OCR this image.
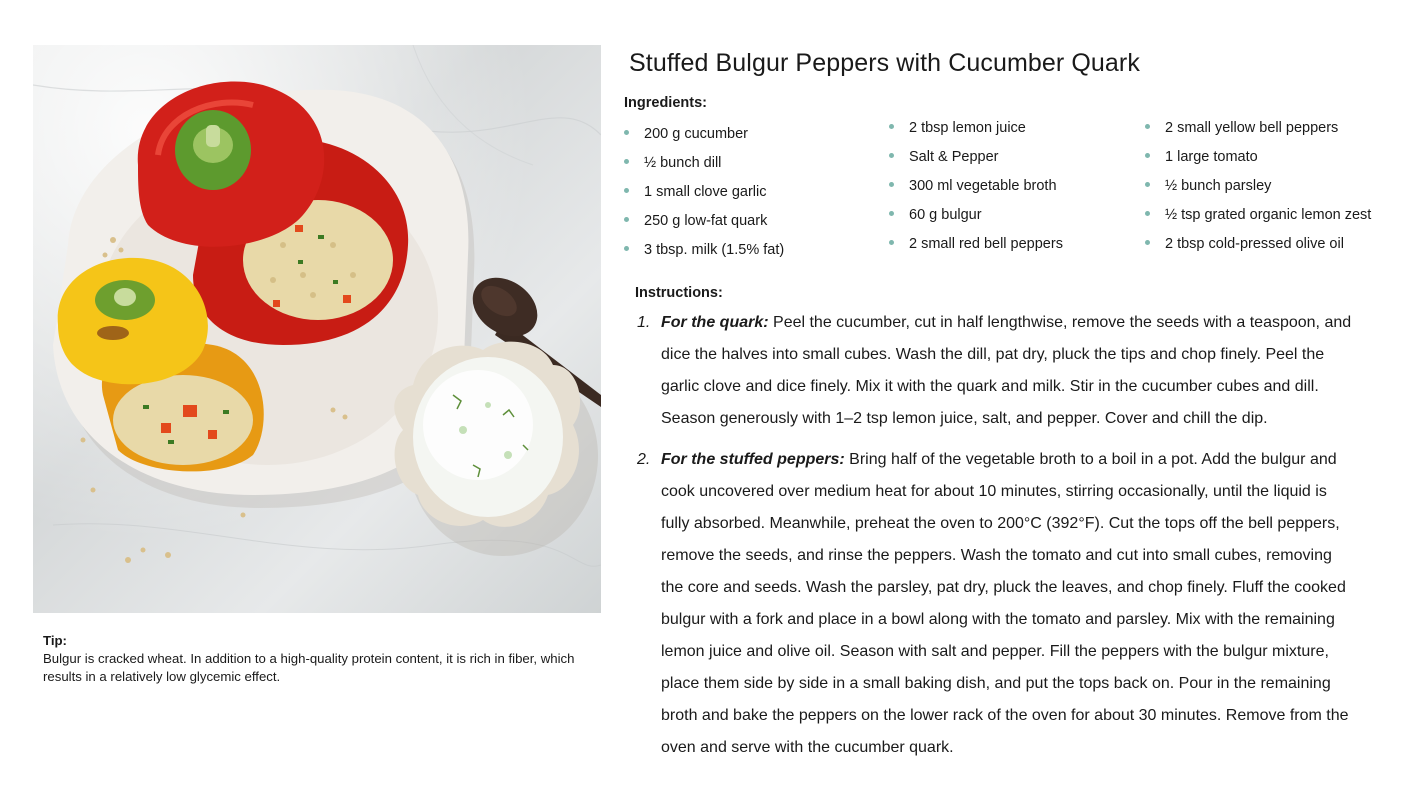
Tip:
Bulgur is cracked wheat. In addition to a high-quality protein content, it is rich in fiber, which results in a relatively low glycemic effect.
Stuffed Bulgur Peppers with Cucumber Quark
Ingredients:
200 g cucumber
½ bunch dill
1 small clove garlic
250 g low-fat quark
3 tbsp. milk (1.5% fat)
2 tbsp lemon juice
Salt & Pepper
300 ml vegetable broth
60 g bulgur
2 small red bell peppers
2 small yellow bell peppers
1 large tomato
½ bunch parsley
½ tsp grated organic lemon zest
2 tbsp cold-pressed olive oil
Instructions:
1. For the quark: Peel the cucumber, cut in half lengthwise, remove the seeds with a teaspoon, and dice the halves into small cubes. Wash the dill, pat dry, pluck the tips and chop finely. Peel the garlic clove and dice finely. Mix it with the quark and milk. Stir in the cucumber cubes and dill. Season generously with 1–2 tsp lemon juice, salt, and pepper. Cover and chill the dip.
2. For the stuffed peppers: Bring half of the vegetable broth to a boil in a pot. Add the bulgur and cook uncovered over medium heat for about 10 minutes, stirring occasionally, until the liquid is fully absorbed. Meanwhile, preheat the oven to 200°C (392°F). Cut the tops off the bell peppers, remove the seeds, and rinse the peppers. Wash the tomato and cut into small cubes, removing the core and seeds. Wash the parsley, pat dry, pluck the leaves, and chop finely. Fluff the cooked bulgur with a fork and place in a bowl along with the tomato and parsley. Mix with the remaining lemon juice and olive oil. Season with salt and pepper. Fill the peppers with the bulgur mixture, place them side by side in a small baking dish, and put the tops back on. Pour in the remaining broth and bake the peppers on the lower rack of the oven for about 30 minutes. Remove from the oven and serve with the cucumber quark.
